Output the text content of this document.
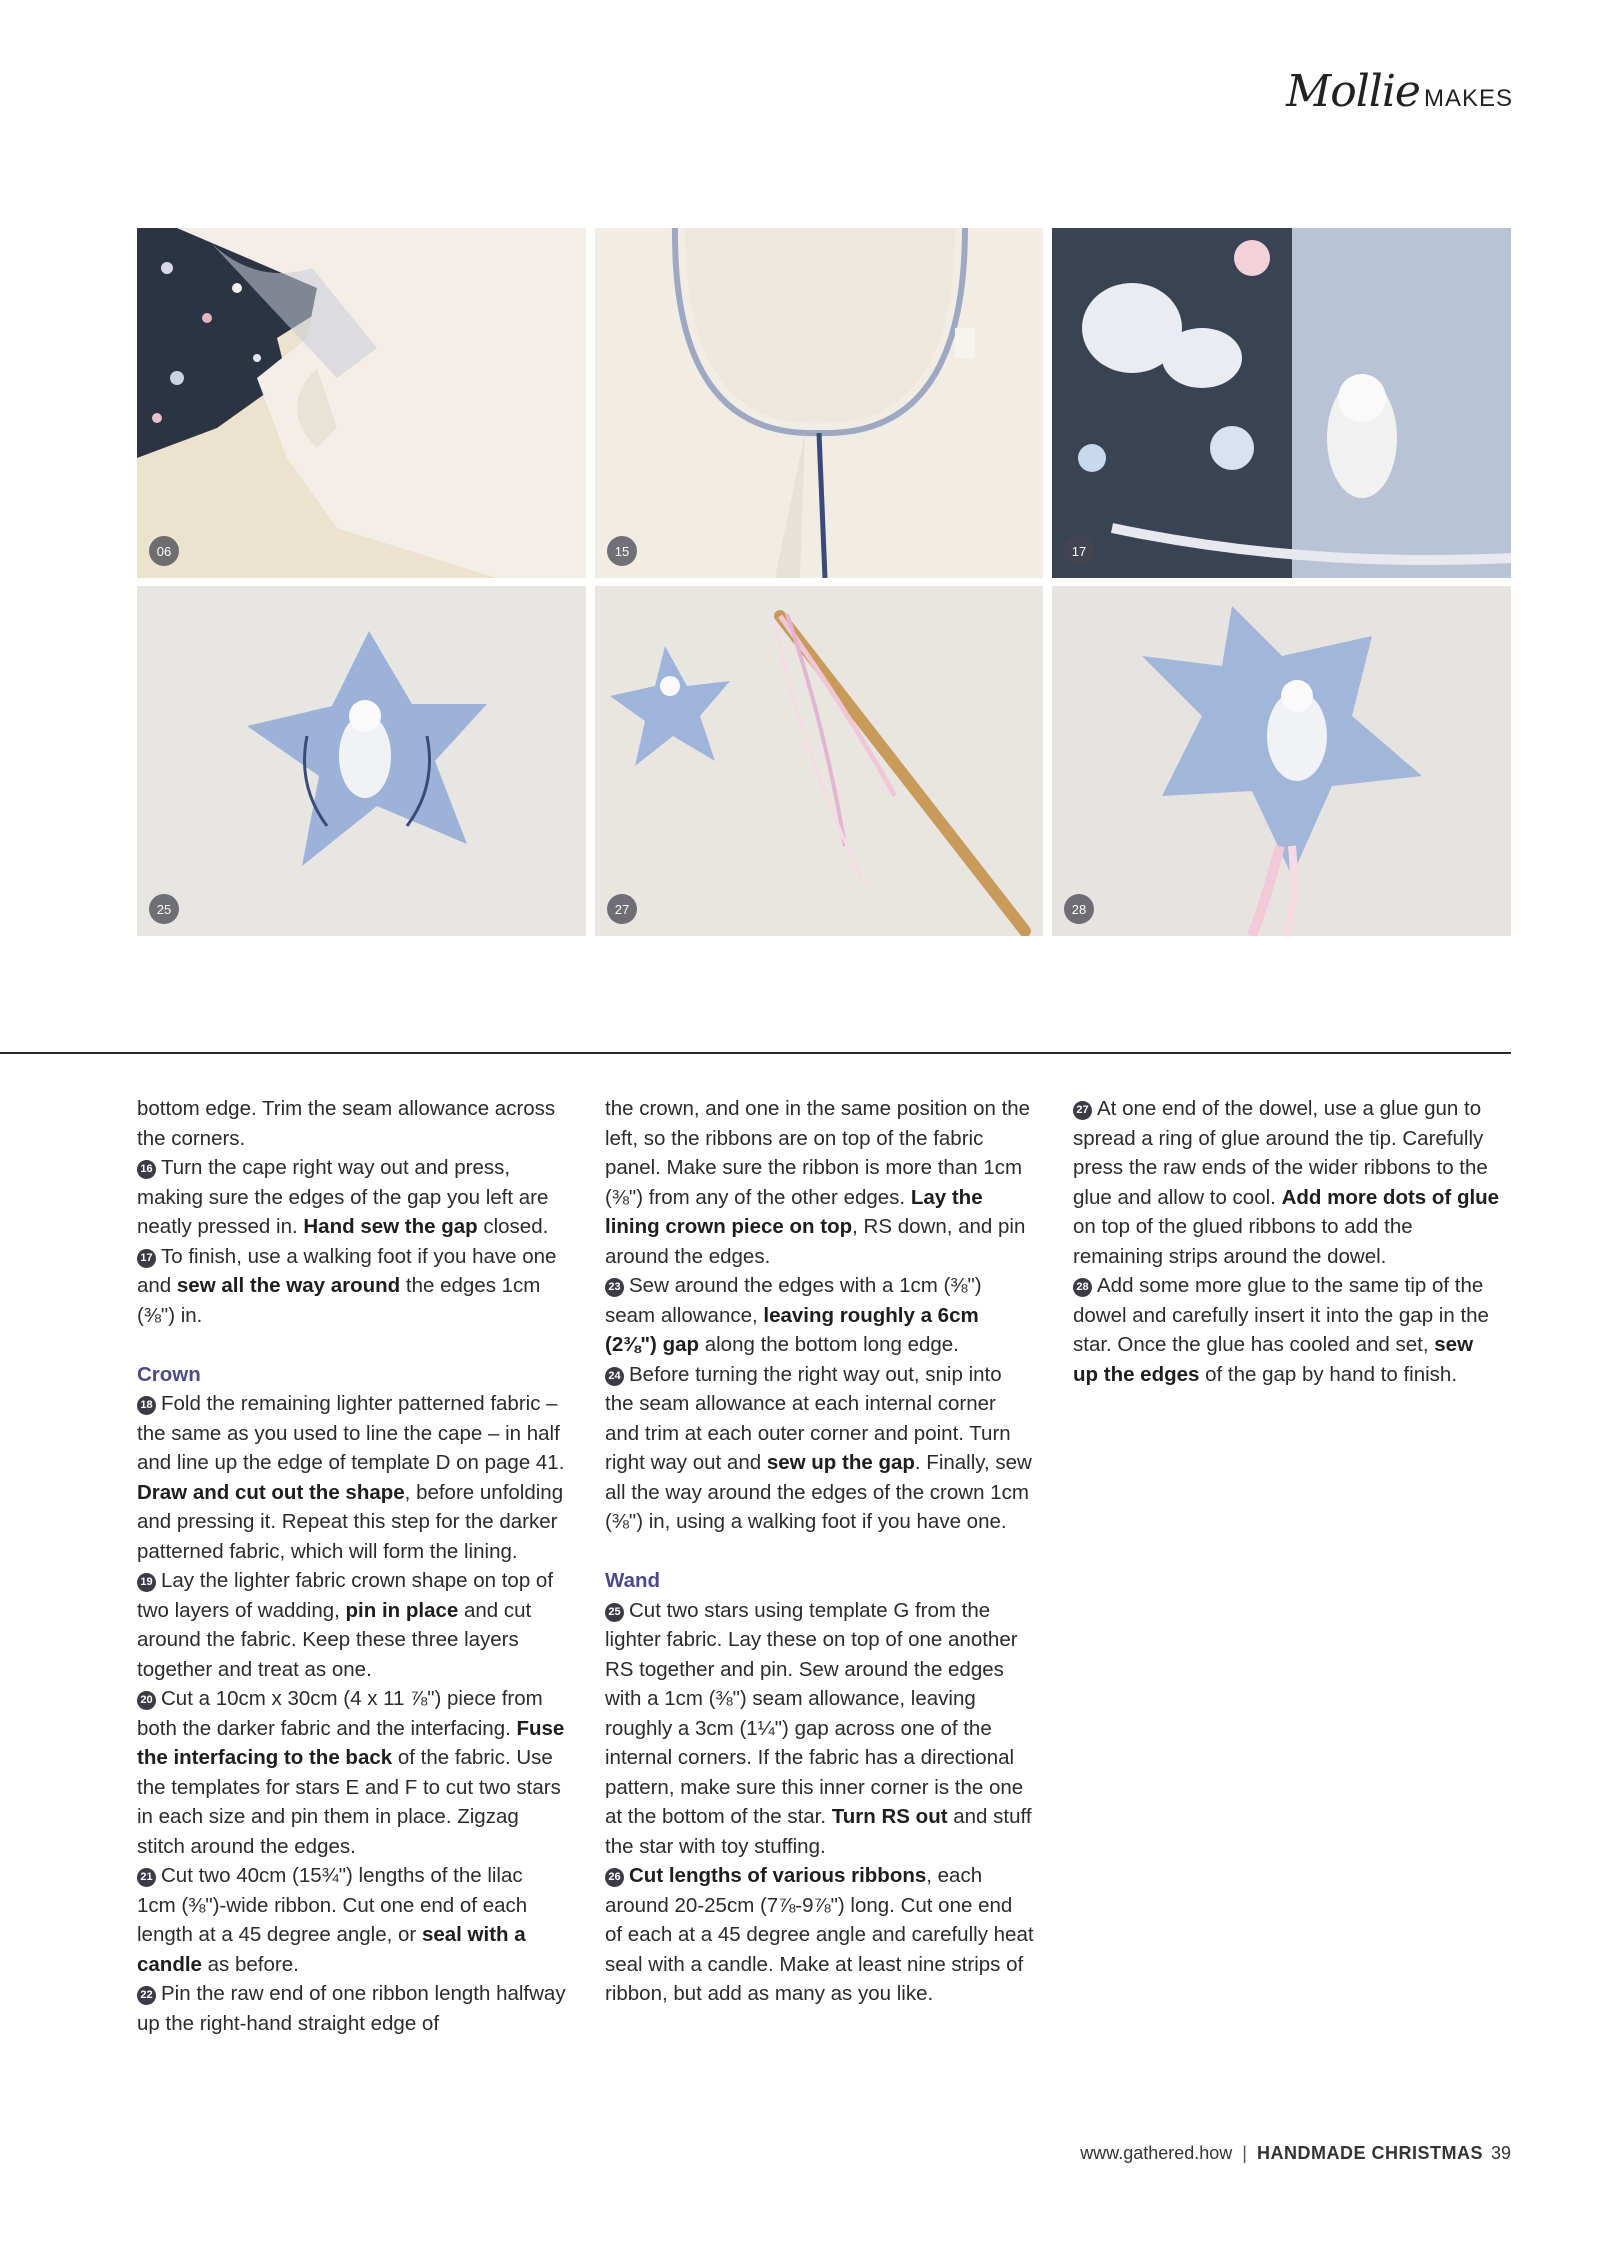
Mollie MAKES
06	15	17
25	27	28

bottom edge. Trim the seam allowance across the corners.

16 Turn the cape right way out and press, making sure the edges of the gap you left are neatly pressed in. Hand sew the gap closed.

17 To finish, use a walking foot if you have one and sew all the way around the edges 1cm (⅜") in.

Crown

18 Fold the remaining lighter patterned fabric – the same as you used to line the cape – in half and line up the edge of template D on page 41. Draw and cut out the shape, before unfolding and pressing it. Repeat this step for the darker patterned fabric, which will form the lining.

19 Lay the lighter fabric crown shape on top of two layers of wadding, pin in place and cut around the fabric. Keep these three layers together and treat as one.

20 Cut a 10cm x 30cm (4 x 11 ⅞") piece from both the darker fabric and the interfacing. Fuse the interfacing to the back of the fabric. Use the templates for stars E and F to cut two stars in each size and pin them in place. Zigzag stitch around the edges.

21 Cut two 40cm (15¾") lengths of the lilac 1cm (⅜")-wide ribbon. Cut one end of each length at a 45 degree angle, or seal with a candle as before.

22 Pin the raw end of one ribbon length halfway up the right-hand straight edge of

the crown, and one in the same position on the left, so the ribbons are on top of the fabric panel. Make sure the ribbon is more than 1cm (⅜") from any of the other edges. Lay the lining crown piece on top, RS down, and pin around the edges.

23 Sew around the edges with a 1cm (⅜") seam allowance, leaving roughly a 6cm (2⅜") gap along the bottom long edge.

24 Before turning the right way out, snip into the seam allowance at each internal corner and trim at each outer corner and point. Turn right way out and sew up the gap. Finally, sew all the way around the edges of the crown 1cm (⅜") in, using a walking foot if you have one.

Wand

25 Cut two stars using template G from the lighter fabric. Lay these on top of one another RS together and pin. Sew around the edges with a 1cm (⅜") seam allowance, leaving roughly a 3cm (1¼") gap across one of the internal corners. If the fabric has a directional pattern, make sure this inner corner is the one at the bottom of the star. Turn RS out and stuff the star with toy stuffing.

26 Cut lengths of various ribbons, each around 20-25cm (7⅞-9⅞") long. Cut one end of each at a 45 degree angle and carefully heat seal with a candle. Make at least nine strips of ribbon, but add as many as you like.

27 At one end of the dowel, use a glue gun to spread a ring of glue around the tip. Carefully press the raw ends of the wider ribbons to the glue and allow to cool. Add more dots of glue on top of the glued ribbons to add the remaining strips around the dowel.

28 Add some more glue to the same tip of the dowel and carefully insert it into the gap in the star. Once the glue has cooled and set, sew up the edges of the gap by hand to finish.

www.gathered.how | HANDMADE CHRISTMAS 39
